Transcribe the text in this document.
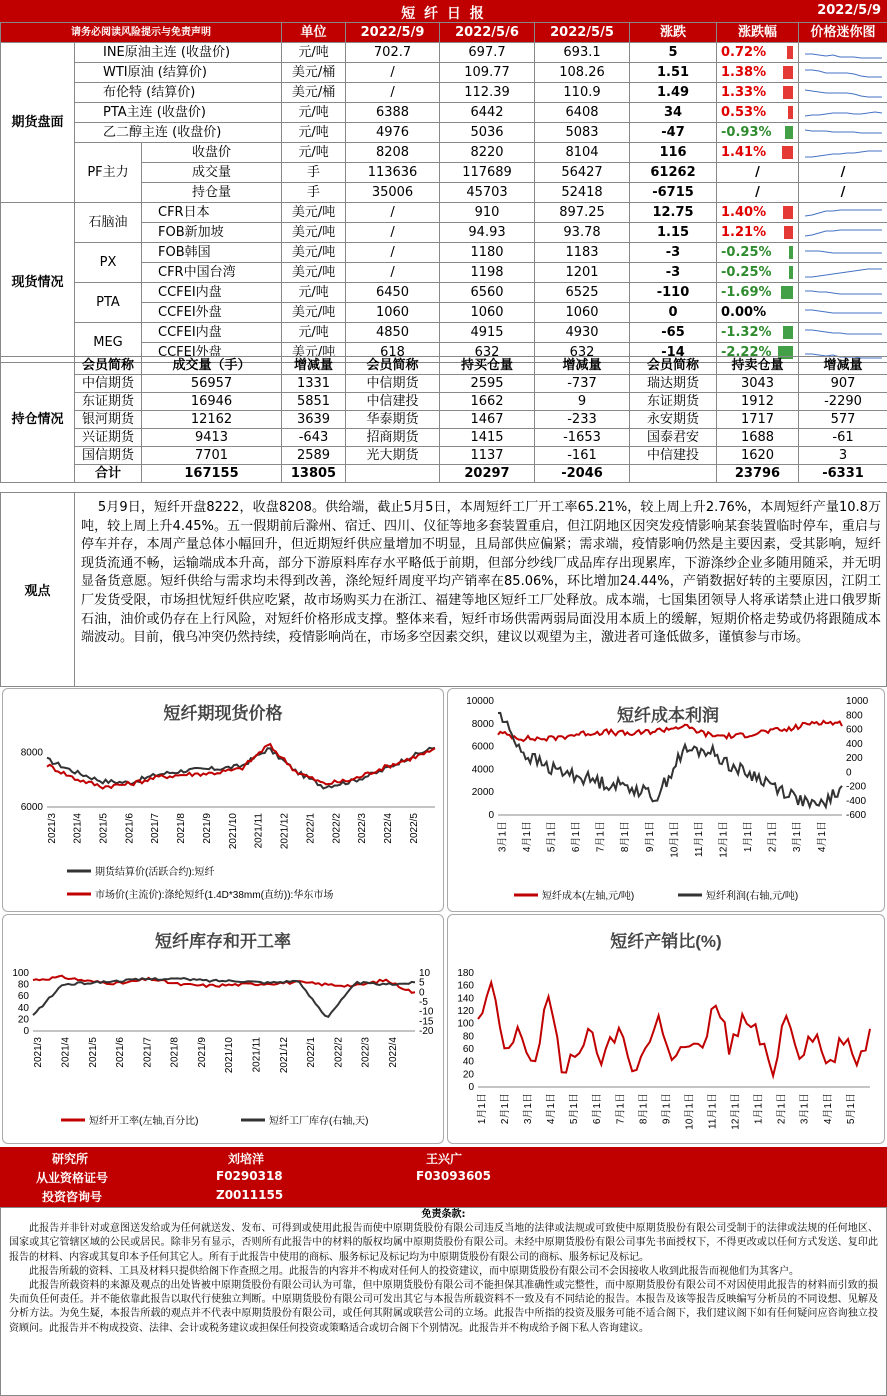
短 纤 日 报	2022/5/9
请务必阅读风险提示与免责声明			单位	2022/5/9	2022/5/6	2022/5/5	涨跌	涨跌幅	价格迷你图
期货盘面	INE原油主连 (收盘价)		元/吨	702.7	697.7	693.1	5	0.72%	

	WTI原油 (结算价)		美元/桶	/	109.77	108.26	1.51	1.38%	

	布伦特 (结算价)		美元/桶	/	112.39	110.9	1.49	1.33%	

	PTA主连 (收盘价)		元/吨	6388	6442	6408	34	0.53%	

	乙二醇主连 (收盘价)		元/吨	4976	5036	5083	-47	-0.93%	

	PF主力	收盘价	元/吨	8208	8220	8104	116	1.41%	

		成交量	手	113636	117689	56427	61262	/	/
		持仓量	手	35006	45703	52418	-6715	/	/
现货情况	石脑油	CFR日本	美元/吨	/	910	897.25	12.75	1.40%	

		FOB新加坡	美元/吨	/	94.93	93.78	1.15	1.21%	

	PX	FOB韩国	美元/吨	/	1180	1183	-3	-0.25%	

		CFR中国台湾	美元/吨	/	1198	1201	-3	-0.25%	

	PTA	CCFEI内盘	元/吨	6450	6560	6525	-110	-1.69%	

		CCFEI外盘	美元/吨	1060	1060	1060	0	0.00%	

	MEG	CCFEI内盘	元/吨	4850	4915	4930	-65	-1.32%	

		CCFEI外盘	美元/吨	618	632	632	-14	-2.22%	
持仓情况	会员简称	成交量（手）	增减量	会员简称	持买仓量	增减量	会员简称	持卖仓量	增减量
	中信期货	56957	1331	中信期货	2595	-737	瑞达期货	3043	907
	东证期货	16946	5851	中信建投	1662	9	东证期货	1912	-2290
	银河期货	12162	3639	华泰期货	1467	-233	永安期货	1717	577
	兴证期货	9413	-643	招商期货	1415	-1653	国泰君安	1688	-61
	国信期货	7701	2589	光大期货	1137	-161	中信建投	1620	3
	合计	167155	13805		20297	-2046		23796	-6331
观点
5月9日，短纤开盘8222，收盘8208。供给端，截止5月5日，本周短纤工厂开工率65.21%，较上周上升2.76%，本周短纤产量10.8万吨，较上周上升4.45%。五一假期前后滁州、宿迁、四川、仪征等地多套装置重启，但江阴地区因突发疫情影响某套装置临时停车，重启与停车并存，本周产量总体小幅回升，但近期短纤供应量增加不明显，且局部供应偏紧；需求端，疫情影响仍然是主要因素，受其影响，短纤现货流通不畅，运输端成本升高，部分下游原料库存水平略低于前期，但部分纱线厂成品库存出现累库，下游涤纱企业多随用随采，并无明显备货意愿。短纤供给与需求均未得到改善，涤纶短纤周度平均产销率在85.06%，环比增加24.44%，产销数据好转的主要原因，江阴工厂发货受限，市场担忧短纤供应吃紧，故市场购买力在浙江、福建等地区短纤工厂处释放。成本端，七国集团领导人将承诺禁止进口俄罗斯石油，油价或仍存在上行风险，对短纤价格形成支撑。整体来看，短纤市场供需两弱局面没用本质上的缓解，短期价格走势或仍将跟随成本端波动。目前，俄乌冲突仍然持续，疫情影响尚在，市场多空因素交织，建议以观望为主，激进者可逢低做多，谨慎参与市场。
短纤期现货价格
6000
8000
2021/3 2021/4 2021/5 2021/6 2021/7 2021/8 2021/9 2021/10 2021/11 2021/12 2022/1 2022/2 2022/3 2022/4 2022/5
期货结算价(活跃合约):短纤
市场价(主流价):涤纶短纤(1.4D*38mm(直纺)):华东市场
短纤成本利润
0
2000
4000
6000
8000
10000
-600
-400
-200
0
200
400
600
800
1000
3月1日 4月1日 5月1日 6月1日 7月1日 8月1日 9月1日 10月1日 11月1日 12月1日 1月1日 2月1日 3月1日 4月1日
短纤成本(左轴,元/吨)	短纤利润(右轴,元/吨)
短纤库存和开工率
0
20
40
60
80
100
-20
-15
-10
-5
0
5
10
2021/3 2021/4 2021/5 2021/6 2021/7 2021/8 2021/9 2021/10 2021/11 2021/12 2022/1 2022/2 2022/3 2022/4
短纤开工率(左轴,百分比)	短纤工厂库存(右轴,天)
短纤产销比(%)
0
20
40
60
80
100
120
140
160
180
1月1日 2月1日 3月1日 4月1日 5月1日 6月1日 7月1日 8月1日 9月1日 10月1日 11月1日 12月1日 1月1日 2月1日 3月1日 4月1日 5月1日
研究所	刘培洋	王兴广
从业资格证号	F0290318	F03093605
投资咨询号	Z0011155
免责条款:
此报告并非针对或意图送发给或为任何就送发、发布、可得到或使用此报告而使中原期货股份有限公司违反当地的法律或法规或可致使中原期货股份有限公司受制于的法律或法规的任何地区、国家或其它管辖区域的公民或居民。除非另有显示，否则所有此报告中的材料的版权均属中原期货股份有限公司。未经中原期货股份有限公司事先书面授权下，不得更改或以任何方式发送、复印此报告的材料、内容或其复印本予任何其它人。所有于此报告中使用的商标、服务标记及标记均为中原期货股份有限公司的商标、服务标记及标记。
此报告所载的资料、工具及材料只提供给阁下作查照之用。此报告的内容并不构成对任何人的投资建议，而中原期货股份有限公司不会因接收人收到此报告而视他们为其客户。
此报告所载资料的来源及观点的出处皆被中原期货股份有限公司认为可靠，但中原期货股份有限公司不能担保其准确性或完整性，而中原期货股份有限公司不对因使用此报告的材料而引致的损失而负任何责任。并不能依靠此报告以取代行使独立判断。中原期货股份有限公司可发出其它与本报告所载资料不一致及有不同结论的报告。本报告及该等报告反映编写分析员的不同设想、见解及分析方法。为免生疑，本报告所载的观点并不代表中原期货股份有限公司，或任何其附属或联营公司的立场。此报告中所指的投资及服务可能不适合阁下，我们建议阁下如有任何疑问应咨询独立投资顾问。此报告并不构成投资、法律、会计或税务建议或担保任何投资或策略适合或切合阁下个别情况。此报告并不构成给予阁下私人咨询建议。
